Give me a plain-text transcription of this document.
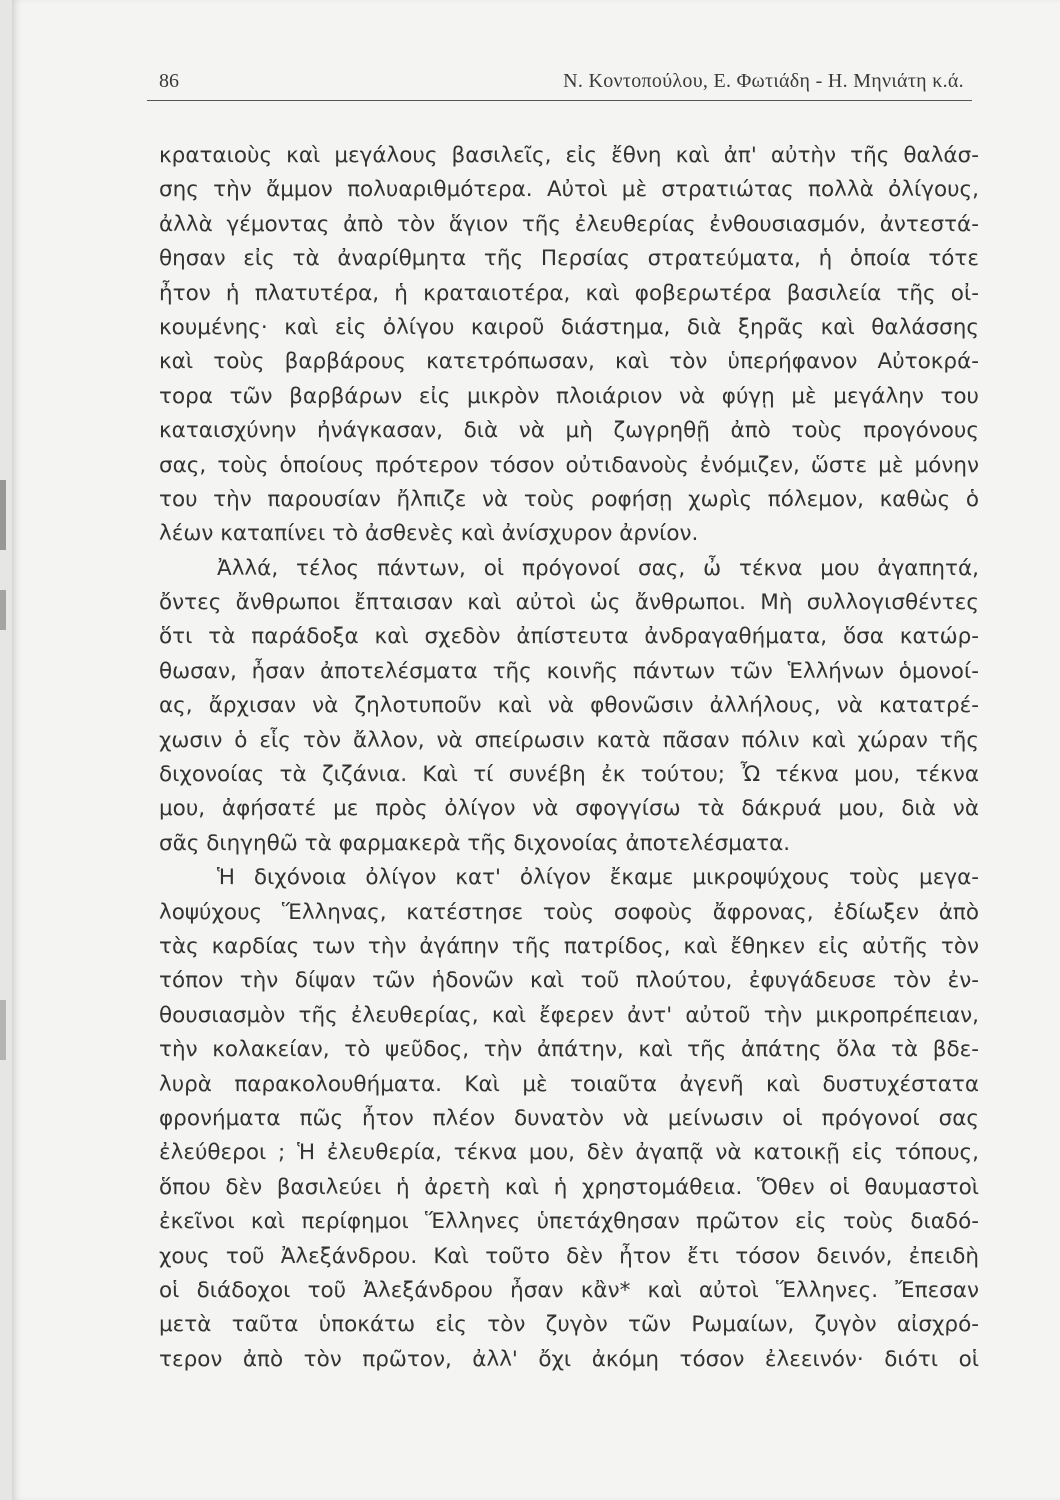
86	Ν. Κοντοπούλου, Ε. Φωτιάδη - Η. Μηνιάτη κ.ά.
κραταιοὺς καὶ μεγάλους βασιλεῖς, εἰς ἔθνη καὶ ἀπ' αὐτὴν τῆς θαλάσ-
σης τὴν ἄμμον πολυαριθμότερα. Αὐτοὶ μὲ στρατιώτας πολλὰ ὀλίγους,
ἀλλὰ γέμοντας ἀπὸ τὸν ἅγιον τῆς ἐλευθερίας ἐνθουσιασμόν, ἀντεστά-
θησαν εἰς τὰ ἀναρίθμητα τῆς Περσίας στρατεύματα, ἡ ὁποία τότε
ἦτον ἡ πλατυτέρα, ἡ κραταιοτέρα, καὶ φοβερωτέρα βασιλεία τῆς οἰ-
κουμένης· καὶ εἰς ὀλίγου καιροῦ διάστημα, διὰ ξηρᾶς καὶ θαλάσσης
καὶ τοὺς βαρβάρους κατετρόπωσαν, καὶ τὸν ὑπερήφανον Αὐτοκρά-
τορα τῶν βαρβάρων εἰς μικρὸν πλοιάριον νὰ φύγῃ μὲ μεγάλην του
καταισχύνην ἠνάγκασαν, διὰ νὰ μὴ ζωγρηθῇ ἀπὸ τοὺς προγόνους
σας, τοὺς ὁποίους πρότερον τόσον οὐτιδανοὺς ἐνόμιζεν, ὥστε μὲ μόνην
του τὴν παρουσίαν ἤλπιζε νὰ τοὺς ροφήσῃ χωρὶς πόλεμον, καθὼς ὁ
λέων καταπίνει τὸ ἀσθενὲς καὶ ἀνίσχυρον ἀρνίον.
Ἀλλά, τέλος πάντων, οἱ πρόγονοί σας, ὦ τέκνα μου ἀγαπητά,
ὄντες ἄνθρωποι ἔπταισαν καὶ αὐτοὶ ὡς ἄνθρωποι. Μὴ συλλογισθέντες
ὅτι τὰ παράδοξα καὶ σχεδὸν ἀπίστευτα ἀνδραγαθήματα, ὅσα κατώρ-
θωσαν, ἦσαν ἀποτελέσματα τῆς κοινῆς πάντων τῶν Ἑλλήνων ὁμονοί-
ας, ἄρχισαν νὰ ζηλοτυποῦν καὶ νὰ φθονῶσιν ἀλλήλους, νὰ κατατρέ-
χωσιν ὁ εἷς τὸν ἄλλον, νὰ σπείρωσιν κατὰ πᾶσαν πόλιν καὶ χώραν τῆς
διχονοίας τὰ ζιζάνια. Καὶ τί συνέβη ἐκ τούτου; Ὦ τέκνα μου, τέκνα
μου, ἀφήσατέ με πρὸς ὀλίγον νὰ σφογγίσω τὰ δάκρυά μου, διὰ νὰ
σᾶς διηγηθῶ τὰ φαρμακερὰ τῆς διχονοίας ἀποτελέσματα.
Ἡ διχόνοια ὀλίγον κατ' ὀλίγον ἔκαμε μικροψύχους τοὺς μεγα-
λοψύχους Ἕλληνας, κατέστησε τοὺς σοφοὺς ἄφρονας, ἐδίωξεν ἀπὸ
τὰς καρδίας των τὴν ἀγάπην τῆς πατρίδος, καὶ ἔθηκεν εἰς αὐτῆς τὸν
τόπον τὴν δίψαν τῶν ἡδονῶν καὶ τοῦ πλούτου, ἐφυγάδευσε τὸν ἐν-
θουσιασμὸν τῆς ἐλευθερίας, καὶ ἔφερεν ἀντ' αὐτοῦ τὴν μικροπρέπειαν,
τὴν κολακείαν, τὸ ψεῦδος, τὴν ἀπάτην, καὶ τῆς ἀπάτης ὅλα τὰ βδε-
λυρὰ παρακολουθήματα. Καὶ μὲ τοιαῦτα ἀγενῆ καὶ δυστυχέστατα
φρονήματα πῶς ἦτον πλέον δυνατὸν νὰ μείνωσιν οἱ πρόγονοί σας
ἐλεύθεροι ; Ἡ ἐλευθερία, τέκνα μου, δὲν ἀγαπᾷ νὰ κατοικῇ εἰς τόπους,
ὅπου δὲν βασιλεύει ἡ ἀρετὴ καὶ ἡ χρηστομάθεια. Ὅθεν οἱ θαυμαστοὶ
ἐκεῖνοι καὶ περίφημοι Ἕλληνες ὑπετάχθησαν πρῶτον εἰς τοὺς διαδό-
χους τοῦ Ἀλεξάνδρου. Καὶ τοῦτο δὲν ἦτον ἔτι τόσον δεινόν, ἐπειδὴ
οἱ διάδοχοι τοῦ Ἀλεξάνδρου ἦσαν κἂν* καὶ αὐτοὶ Ἕλληνες. Ἔπεσαν
μετὰ ταῦτα ὑποκάτω εἰς τὸν ζυγὸν τῶν Ρωμαίων, ζυγὸν αἰσχρό-
τερον ἀπὸ τὸν πρῶτον, ἀλλ' ὄχι ἀκόμη τόσον ἐλεεινόν· διότι οἱ
